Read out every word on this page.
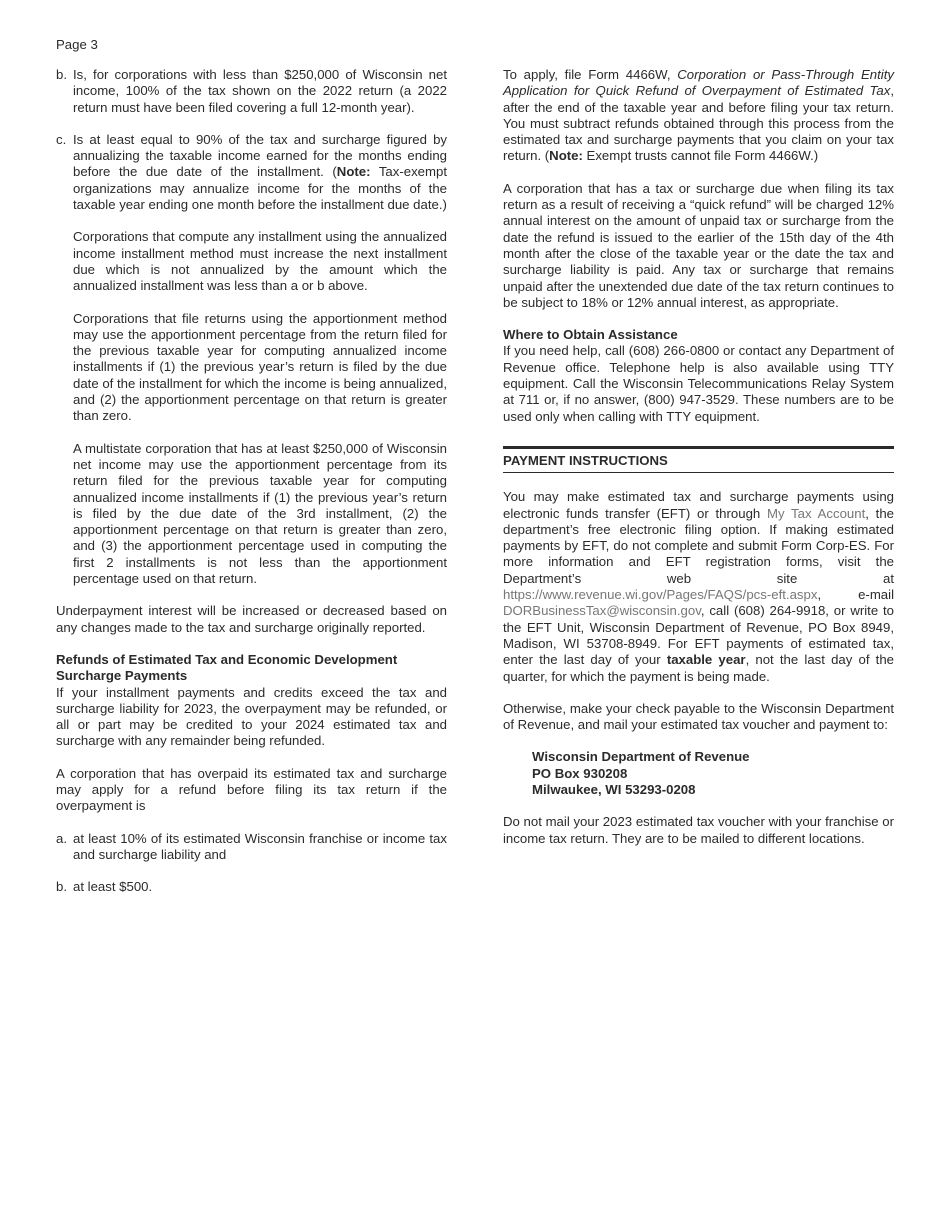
Page 3
b. Is, for corporations with less than $250,000 of Wisconsin net income, 100% of the tax shown on the 2022 return (a 2022 return must have been filed covering a full 12-month year).
c. Is at least equal to 90% of the tax and surcharge figured by annualizing the taxable income earned for the months ending before the due date of the installment. (Note: Tax-exempt organizations may annualize income for the months of the taxable year ending one month before the installment due date.)

Corporations that compute any installment using the annualized income installment method must increase the next installment due which is not annualized by the amount which the annualized installment was less than a or b above.

Corporations that file returns using the apportionment method may use the apportionment percentage from the return filed for the previous taxable year for computing annualized income installments if (1) the previous year’s return is filed by the due date of the installment for which the income is being annualized, and (2) the apportionment percentage on that return is greater than zero.

A multistate corporation that has at least $250,000 of Wisconsin net income may use the apportionment percentage from its return filed for the previous taxable year for computing annualized income installments if (1) the previous year’s return is filed by the due date of the 3rd installment, (2) the apportionment percentage on that return is greater than zero, and (3) the apportionment percentage used in computing the first 2 installments is not less than the apportionment percentage used on that return.

Underpayment interest will be increased or decreased based on any changes made to the tax and surcharge originally reported.

Refunds of Estimated Tax and Economic Development Surcharge Payments

If your installment payments and credits exceed the tax and surcharge liability for 2023, the overpayment may be refunded, or all or part may be credited to your 2024 estimated tax and surcharge with any remainder being refunded.

A corporation that has overpaid its estimated tax and surcharge may apply for a refund before filing its tax return if the overpayment is

a. at least 10% of its estimated Wisconsin franchise or income tax and surcharge liability and
b. at least $500.

To apply, file Form 4466W, Corporation or Pass-Through Entity Application for Quick Refund of Overpayment of Estimated Tax, after the end of the taxable year and before filing your tax return. You must subtract refunds obtained through this process from the estimated tax and surcharge payments that you claim on your tax return. (Note: Exempt trusts cannot file Form 4466W.)

A corporation that has a tax or surcharge due when filing its tax return as a result of receiving a “quick refund” will be charged 12% annual interest on the amount of unpaid tax or surcharge from the date the refund is issued to the earlier of the 15th day of the 4th month after the close of the taxable year or the date the tax and surcharge liability is paid. Any tax or surcharge that remains unpaid after the unextended due date of the tax return continues to be subject to 18% or 12% annual interest, as appropriate.

Where to Obtain Assistance

If you need help, call (608) 266-0800 or contact any Department of Revenue office. Telephone help is also available using TTY equipment. Call the Wisconsin Telecommunications Relay System at 711 or, if no answer, (800) 947-3529. These numbers are to be used only when calling with TTY equipment.

PAYMENT INSTRUCTIONS

You may make estimated tax and surcharge payments using electronic funds transfer (EFT) or through My Tax Account, the department’s free electronic filing option. If making estimated payments by EFT, do not complete and submit Form Corp-ES. For more information and EFT registration forms, visit the Department’s web site at https://www.revenue.wi.gov/Pages/FAQS/pcs-eft.aspx, e-mail DORBusinessTax@wisconsin.gov, call (608) 264-9918, or write to the EFT Unit, Wisconsin Department of Revenue, PO Box 8949, Madison, WI 53708-8949. For EFT payments of estimated tax, enter the last day of your taxable year, not the last day of the quarter, for which the payment is being made.

Otherwise, make your check payable to the Wisconsin Department of Revenue, and mail your estimated tax voucher and payment to:

Wisconsin Department of Revenue
PO Box 930208
Milwaukee, WI 53293-0208

Do not mail your 2023 estimated tax voucher with your franchise or income tax return. They are to be mailed to different locations.
